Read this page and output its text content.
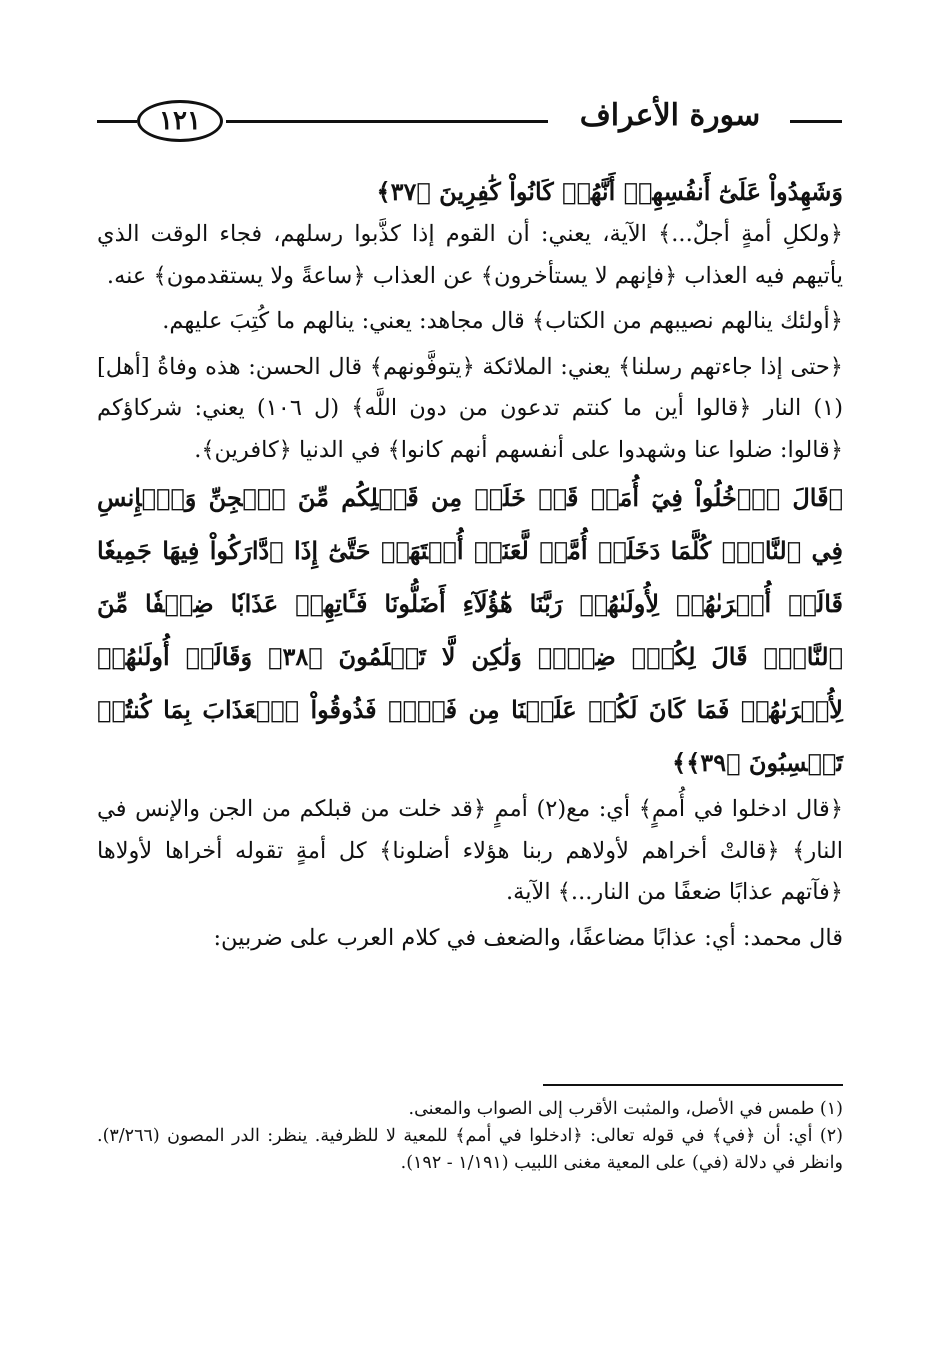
١٢١	سورة الأعراف

وَشَهِدُواْ عَلَىٰٓ أَنفُسِهِمۡ أَنَّهُمۡ كَانُواْ كَٰفِرِينَ ﴿٣٧﴾

﴿ولكلِ أمةٍ أجلٌ...﴾ الآية، يعني: أن القوم إذا كذَّبوا رسلهم، فجاء الوقت الذي يأتيهم فيه العذاب ﴿فإنهم لا يستأخرون﴾ عن العذاب ﴿ساعةً ولا يستقدمون﴾ عنه.

﴿أولئك ينالهم نصيبهم من الكتاب﴾ قال مجاهد: يعني: ينالهم ما كُتِبَ عليهم.

﴿حتى إذا جاءتهم رسلنا﴾ يعني: الملائكة ﴿يتوفَّونهم﴾ قال الحسن: هذه وفاةُ [أهل](١) النار ﴿قالوا أين ما كنتم تدعون من دون اللَّه﴾ (ل ١٠٦) يعني: شركاؤكم ﴿قالوا: ضلوا عنا وشهدوا على أنفسهم أنهم كانوا﴾ في الدنيا ﴿كافرين﴾.

﴿قَالَ ٱدۡخُلُواْ فِيٓ أُمَمٖ قَدۡ خَلَتۡ مِن قَبۡلِكُم مِّنَ ٱلۡجِنِّ وَٱلۡإِنسِ فِي ٱلنَّارِۖ كُلَّمَا دَخَلَتۡ أُمَّةٞ لَّعَنَتۡ أُخۡتَهَاۖ حَتَّىٰٓ إِذَا ٱدَّارَكُواْ فِيهَا جَمِيعٗا قَالَتۡ أُخۡرَىٰهُمۡ لِأُولَىٰهُمۡ رَبَّنَا هَٰٓؤُلَآءِ أَضَلُّونَا فَـَٔاتِهِمۡ عَذَابٗا ضِعۡفٗا مِّنَ ٱلنَّارِۖ قَالَ لِكُلّٖ ضِعۡفٞ وَلَٰكِن لَّا تَعۡلَمُونَ ﴿٣٨﴾ وَقَالَتۡ أُولَىٰهُمۡ لِأُخۡرَىٰهُمۡ فَمَا كَانَ لَكُمۡ عَلَيۡنَا مِن فَضۡلٖ فَذُوقُواْ ٱلۡعَذَابَ بِمَا كُنتُمۡ تَكۡسِبُونَ ﴿٣٩﴾﴾

﴿قال ادخلوا في أُممٍ﴾ أي: مع(٢) أممٍ ﴿قد خلت من قبلكم من الجن والإنس في النار﴾ ﴿قالتْ أخراهم لأولاهم ربنا هؤلاء أضلونا﴾ كل أمةٍ تقوله أخراها لأولاها ﴿فآتهم عذابًا ضعفًا من النار...﴾ الآية.

قال محمد: أي: عذابًا مضاعفًا، والضعف في كلام العرب على ضربين:

(١) طمس في الأصل، والمثبت الأقرب إلى الصواب والمعنى.

(٢) أي: أن ﴿في﴾ في قوله تعالى: ﴿ادخلوا في أمم﴾ للمعية لا للظرفية. ينظر: الدر المصون (٣/٢٦٦). وانظر في دلالة (في) على المعية مغنى اللبيب (١/١٩١ - ١٩٢).
